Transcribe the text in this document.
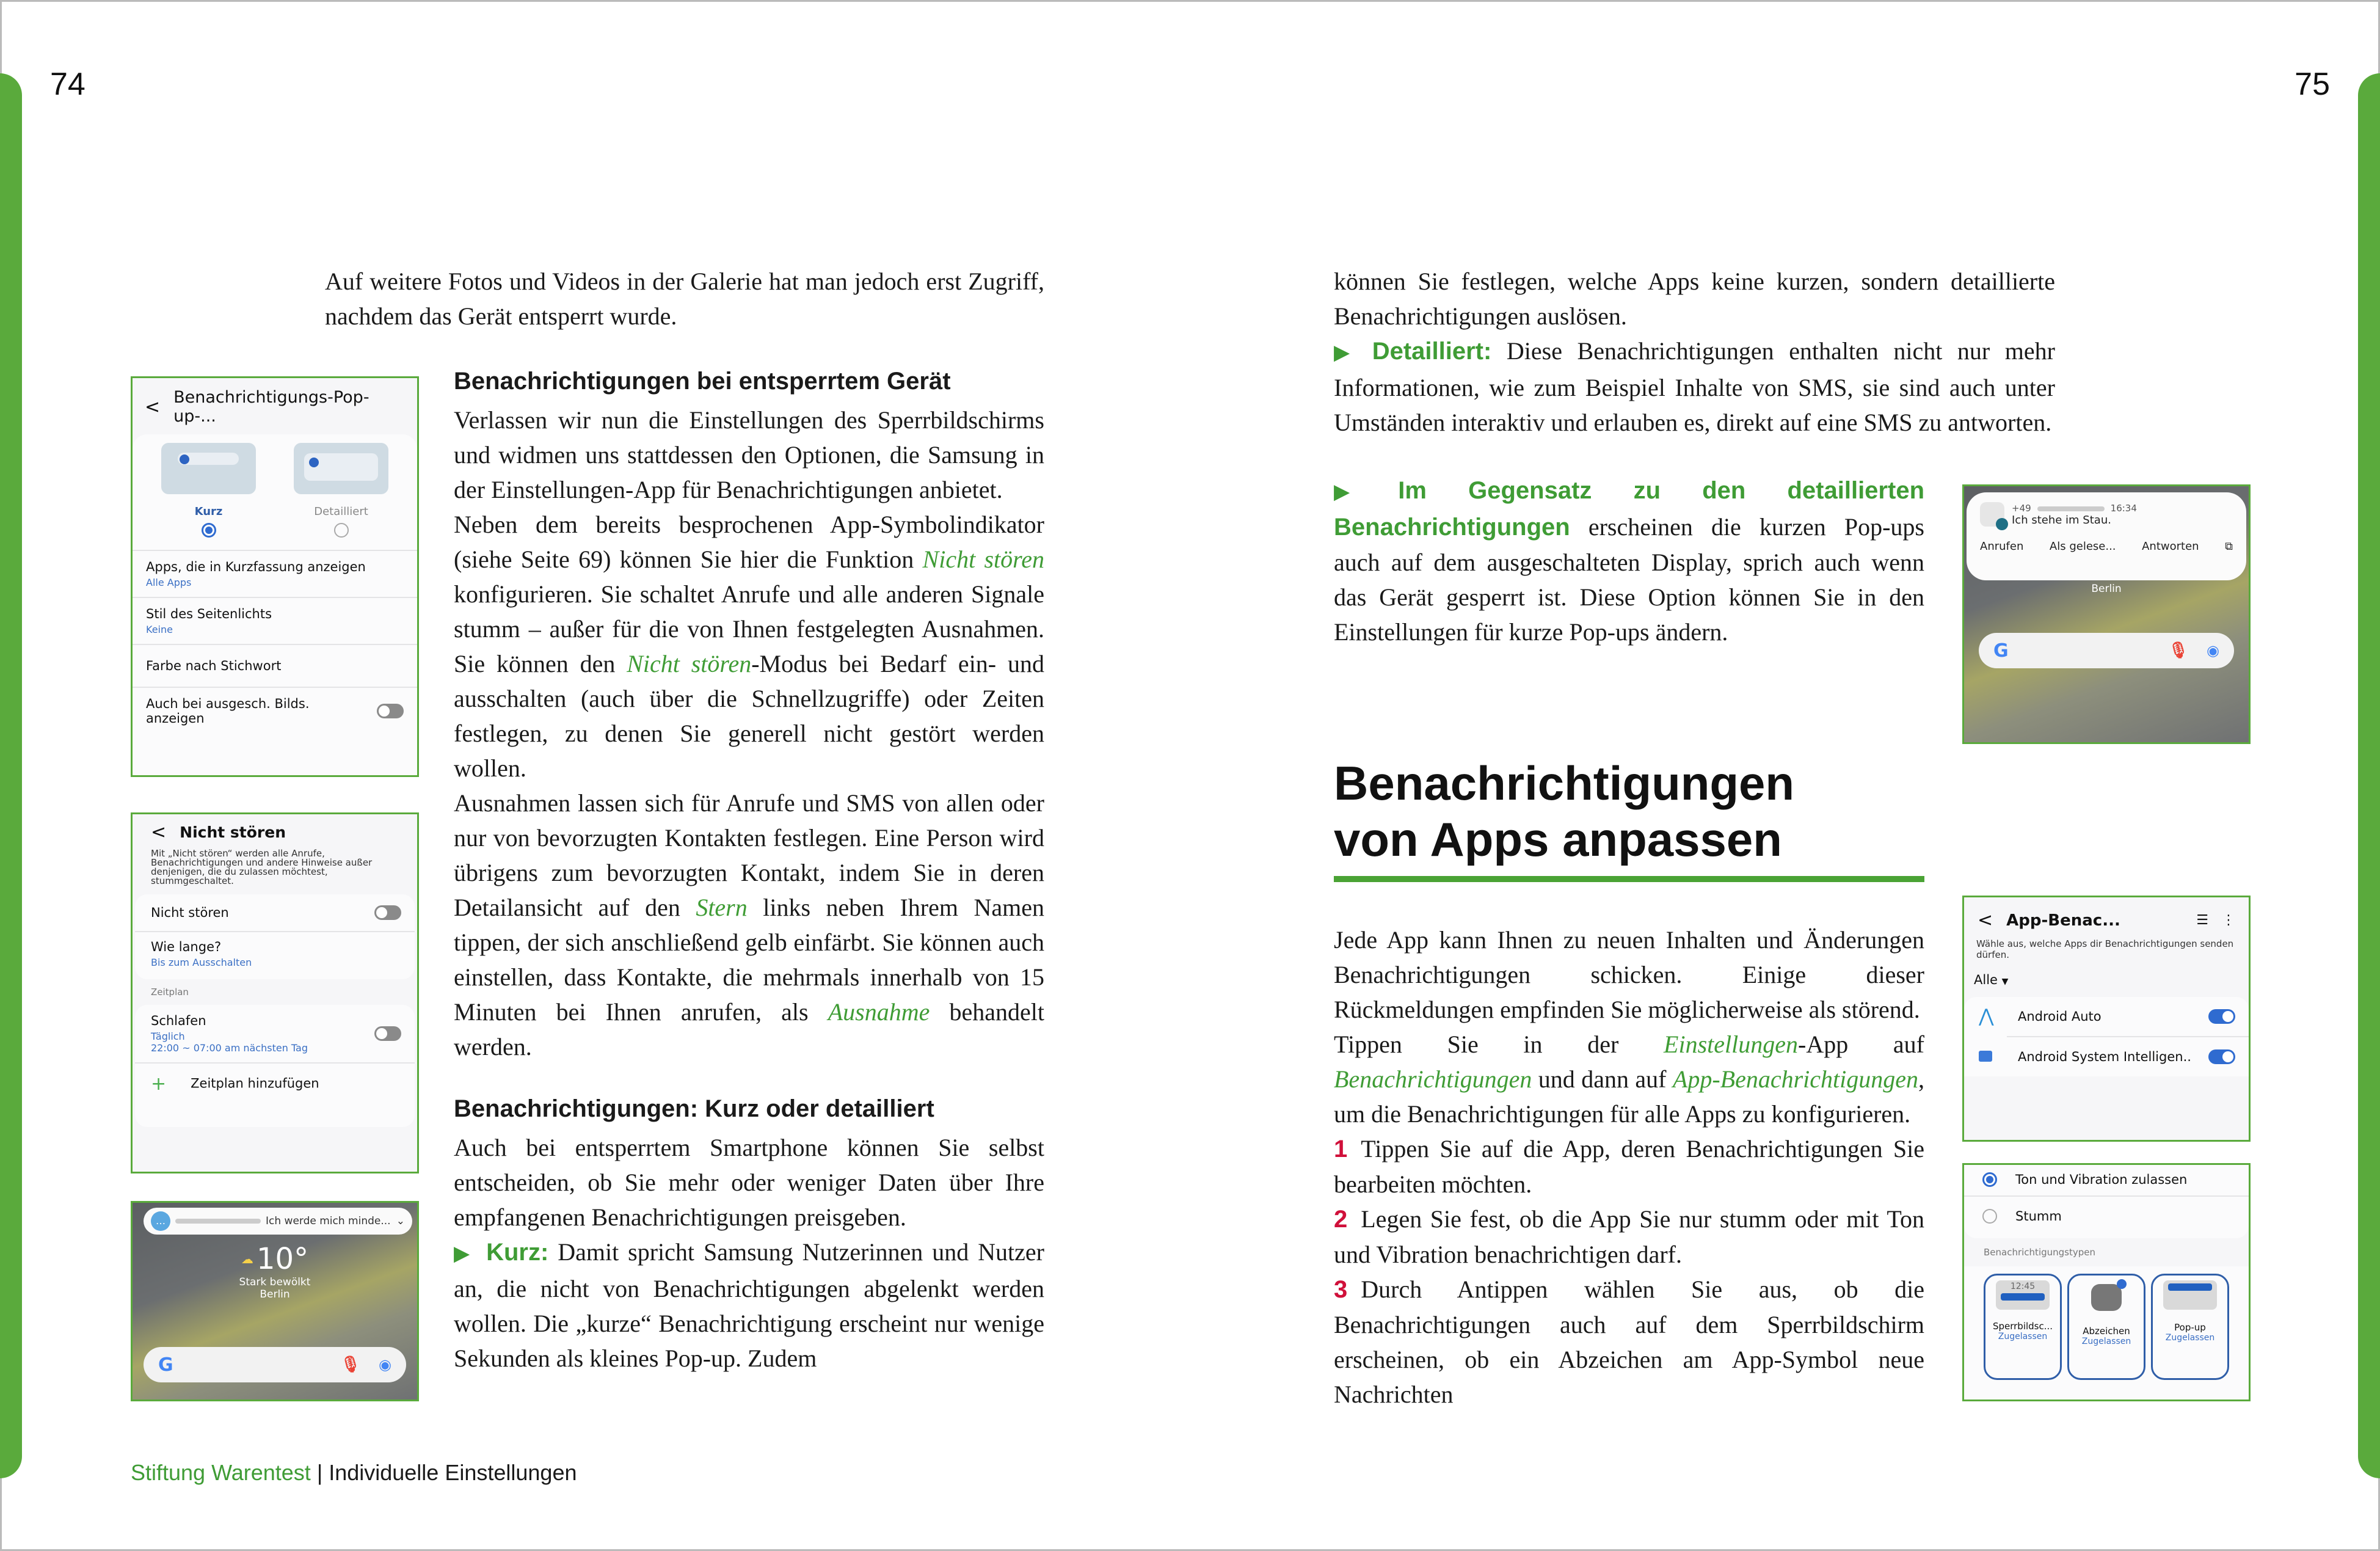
74	75

Auf weitere Fotos und Videos in der Galerie hat man jedoch erst Zugriff, nachdem das Gerät entsperrt wurde.

Benachrichtigungen bei entsperrtem Gerät

Verlassen wir nun die Einstellungen des Sperrbildschirms und widmen uns stattdessen den Optionen, die Samsung in der Einstellungen-App für Benachrichtigungen anbietet.

Neben dem bereits besprochenen App-Symbolindikator (siehe Seite 69) können Sie hier die Funktion Nicht stören konfigurieren. Sie schaltet Anrufe und alle anderen Signale stumm – außer für die von Ihnen festgelegten Ausnahmen. Sie können den Nicht stören-Modus bei Bedarf ein- und ausschalten (auch über die Schnellzugriffe) oder Zeiten festlegen, zu denen Sie generell nicht gestört werden wollen.

Ausnahmen lassen sich für Anrufe und SMS von allen oder nur von bevorzugten Kontakten festlegen. Eine Person wird übrigens zum bevorzugten Kontakt, indem Sie in deren Detailansicht auf den Stern links neben Ihrem Namen tippen, der sich anschließend gelb einfärbt. Sie können auch einstellen, dass Kontakte, die mehrmals innerhalb von 15 Minuten bei Ihnen anrufen, als Ausnahme behandelt werden.

Benachrichtigungen: Kurz oder detailliert

Auch bei entsperrtem Smartphone können Sie selbst entscheiden, ob Sie mehr oder weniger Daten über Ihre empfangenen Benachrichtigungen preisgeben.

▶ Kurz: Damit spricht Samsung Nutzerinnen und Nutzer an, die nicht von Benachrichtigungen abgelenkt werden wollen. Die „kurze“ Benachrichtigung erscheint nur wenige Sekunden als kleines Pop-up. Zudem

können Sie festlegen, welche Apps keine kurzen, sondern detaillierte Benachrichtigungen auslösen.

▶ Detailliert: Diese Benachrichtigungen enthalten nicht nur mehr Informationen, wie zum Beispiel Inhalte von SMS, sie sind auch unter Umständen interaktiv und erlauben es, direkt auf eine SMS zu antworten.

▶ Im Gegensatz zu den detaillierten Benachrichtigungen erscheinen die kurzen Pop-ups auch auf dem ausgeschalteten Display, sprich auch wenn das Gerät gesperrt ist. Diese Option können Sie in den Einstellungen für kurze Pop-ups ändern.

Benachrichtigungen
von Apps anpassen

Jede App kann Ihnen zu neuen Inhalten und Änderungen Benachrichtigungen schicken. Einige dieser Rückmeldungen empfinden Sie möglicherweise als störend.

Tippen Sie in der Einstellungen-App auf Benachrichtigungen und dann auf App-Benachrichtigungen, um die Benachrichtigungen für alle Apps zu konfigurieren.

1 Tippen Sie auf die App, deren Benachrichtigungen Sie bearbeiten möchten.

2 Legen Sie fest, ob die App Sie nur stumm oder mit Ton und Vibration benachrichtigen darf.

3 Durch Antippen wählen Sie aus, ob die Benachrichtigungen auch auf dem Sperrbildschirm erscheinen, ob ein Abzeichen am App-Symbol neue Nachrichten

Stiftung Warentest | Individuelle Einstellungen
< Benachrichtigungs-Pop-up-...
Kurz	Detailliert
Apps, die in Kurzfassung anzeigen
Alle Apps
Stil des Seitenlichts
Keine
Farbe nach Stichwort
Auch bei ausgesch. Bilds. anzeigen
< Nicht stören
Mit „Nicht stören“ werden alle Anrufe, Benachrichtigungen und andere Hinweise außer denjenigen, die du zulassen möchtest, stummgeschaltet.
Nicht stören
Wie lange?
Bis zum Ausschalten
Zeitplan
Schlafen
Täglich
22:00 ~ 07:00 am nächsten Tag
+ Zeitplan hinzufügen
…	Ich werde mich minde... ⌄
☁ 10°
Stark bewölkt
Berlin
G	🎙 ◉
+49	16:34
Ich stehe im Stau.
Anrufen Als gelese... Antworten ⧉
Berlin
G	🎙 ◉
< App-Benac...	☰ ⋮
Wähle aus, welche Apps dir Benachrichtigungen senden dürfen.
Alle ▼
⋀ Android Auto
Android System Intelligen..
Ton und Vibration zulassen
Stumm
Benachrichtigungstypen
12:45
Sperrbildsc...
Zugelassen	Abzeichen
Zugelassen
Pop-up
Zugelassen
